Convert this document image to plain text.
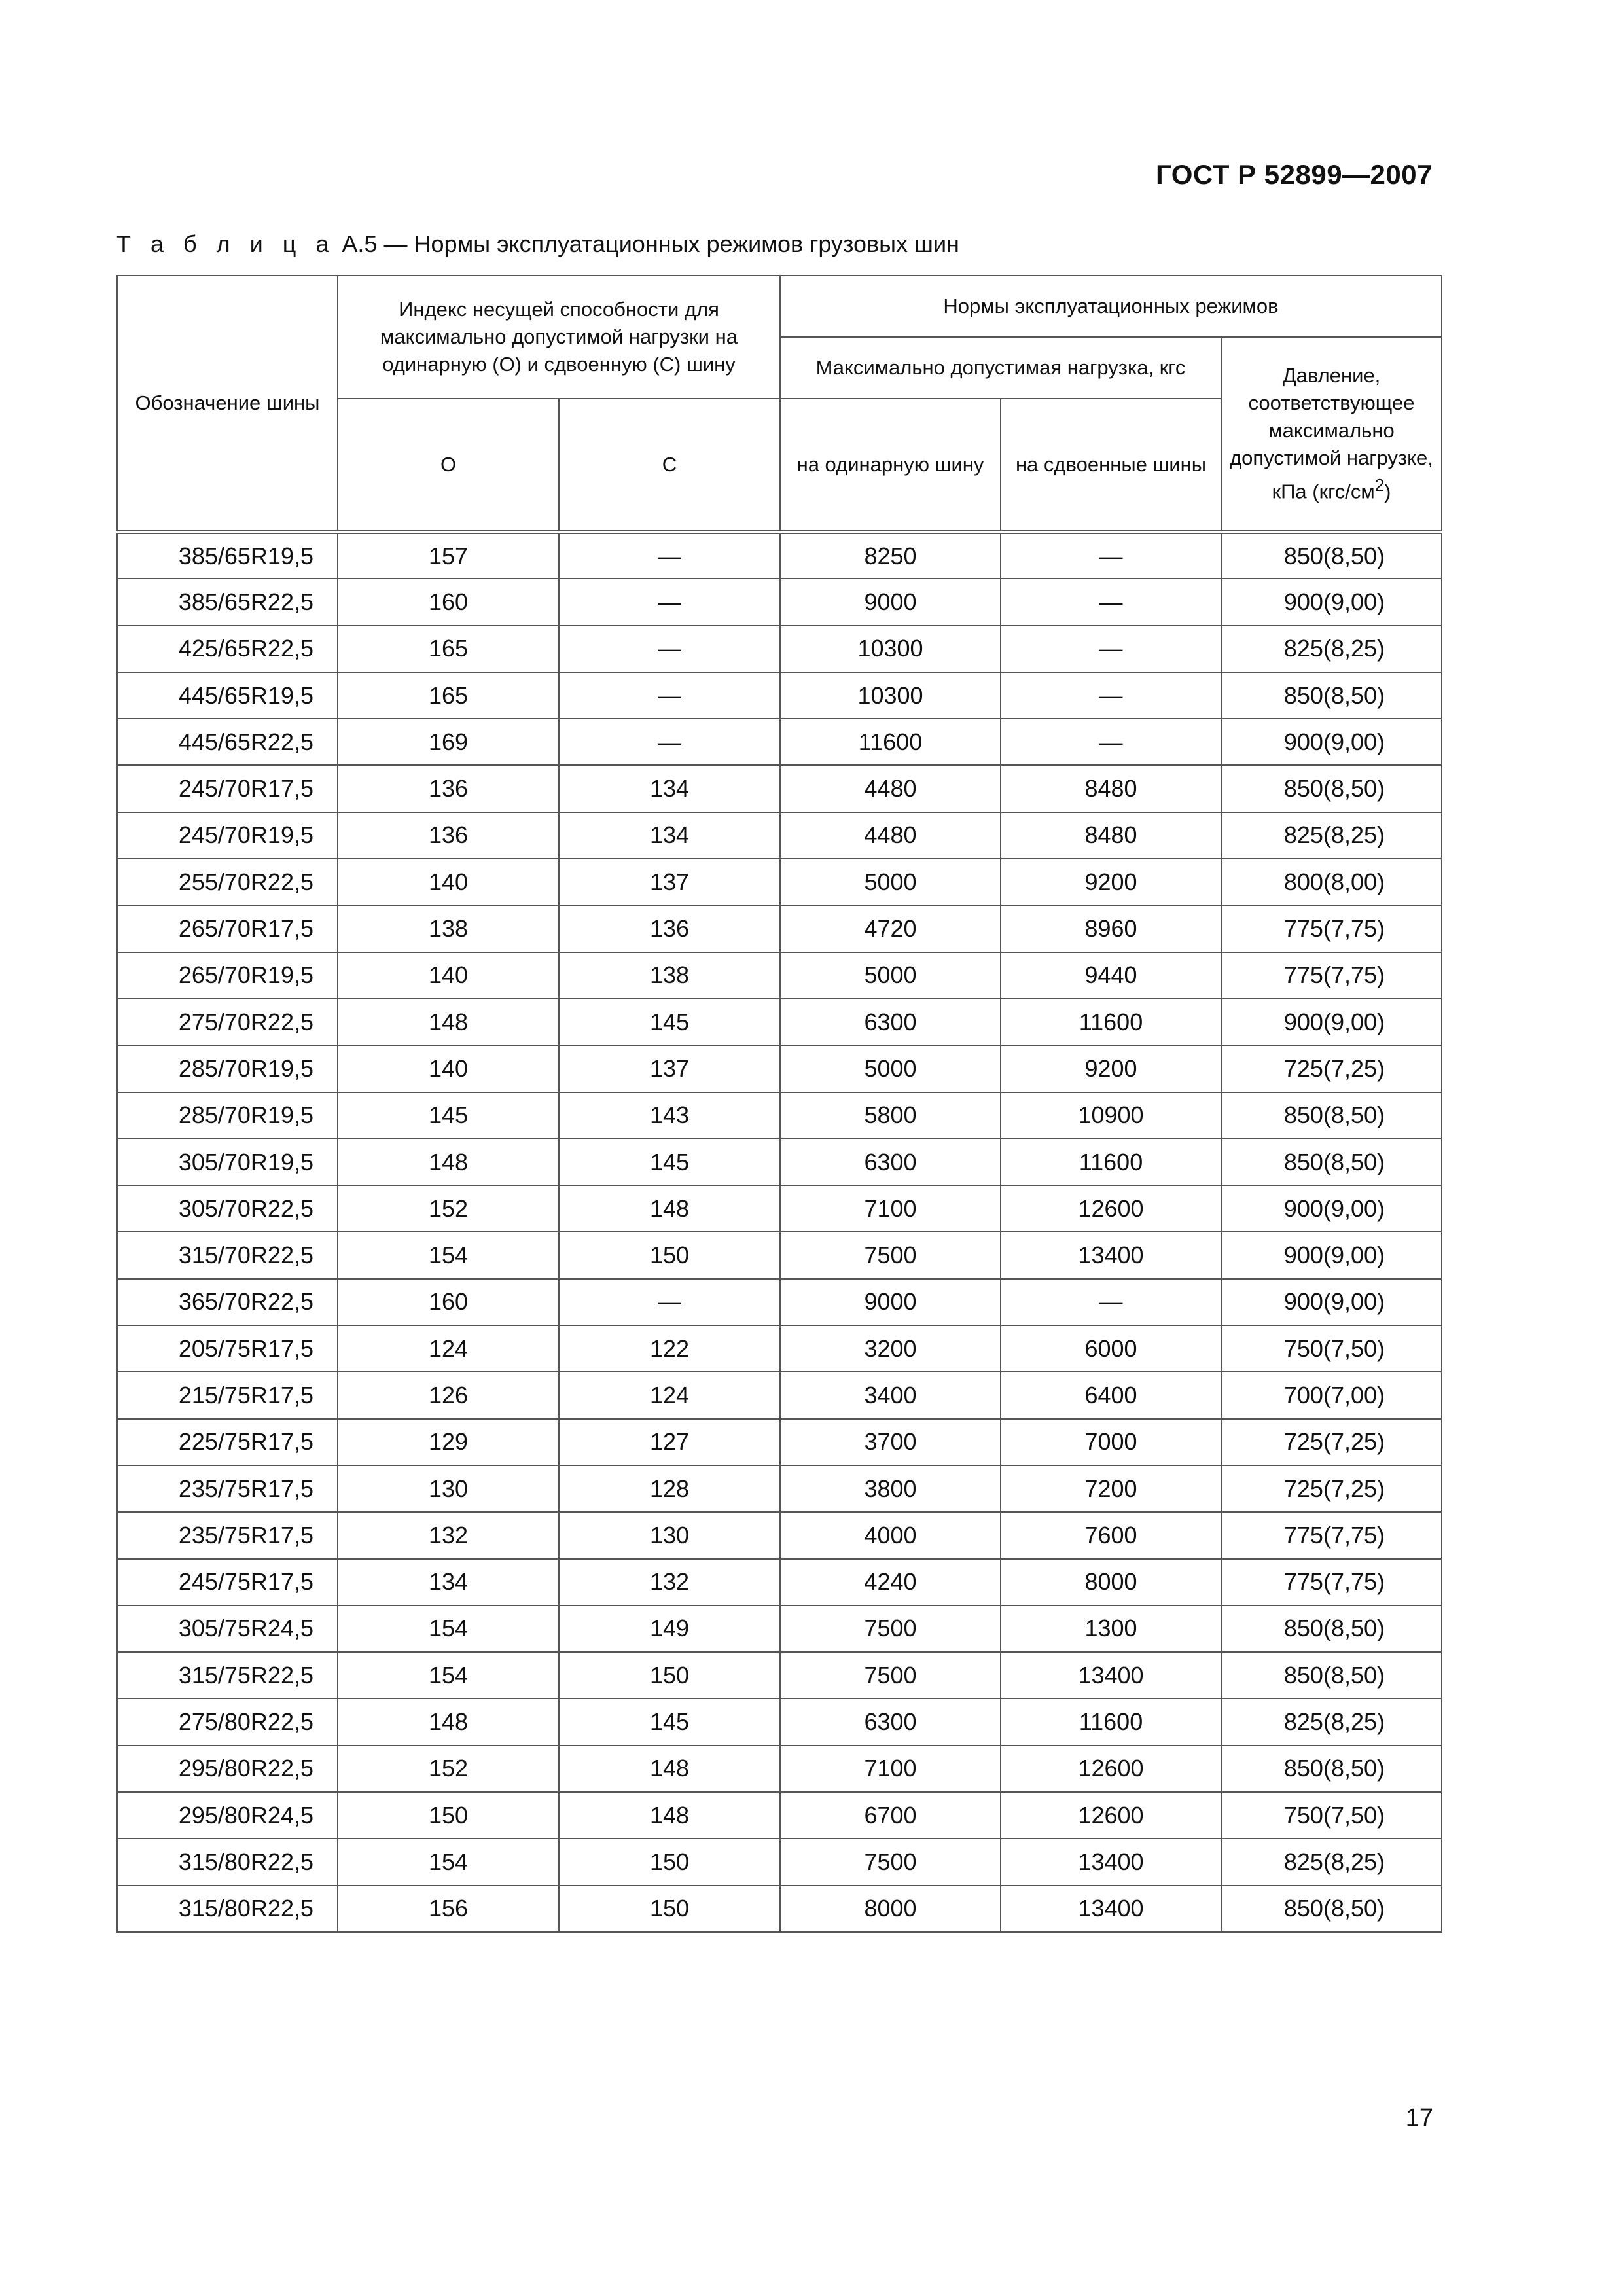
ГОСТ Р 52899—2007
Т а б л и ц а А.5 — Нормы эксплуатационных режимов грузовых шин
Обозначение шины	Индекс несущей способности для максимально допустимой нагрузки на одинарную (О) и сдвоенную (С) шину		Нормы эксплуатационных режимов		
			Максимально допустимая нагрузка, кгс		Давление, соответствующее максимально допустимой нагрузке, кПа $(кгс/см^2)$
	О	С	на одинарную шину	на сдвоенные шины	
385/65R19,5	157	—	8250	—	850(8,50)
385/65R22,5	160	—	9000	—	900(9,00)
425/65R22,5	165	—	10300	—	825(8,25)
445/65R19,5	165	—	10300	—	850(8,50)
445/65R22,5	169	—	11600	—	900(9,00)
245/70R17,5	136	134	4480	8480	850(8,50)
245/70R19,5	136	134	4480	8480	825(8,25)
255/70R22,5	140	137	5000	9200	800(8,00)
265/70R17,5	138	136	4720	8960	775(7,75)
265/70R19,5	140	138	5000	9440	775(7,75)
275/70R22,5	148	145	6300	11600	900(9,00)
285/70R19,5	140	137	5000	9200	725(7,25)
285/70R19,5	145	143	5800	10900	850(8,50)
305/70R19,5	148	145	6300	11600	850(8,50)
305/70R22,5	152	148	7100	12600	900(9,00)
315/70R22,5	154	150	7500	13400	900(9,00)
365/70R22,5	160	—	9000	—	900(9,00)
205/75R17,5	124	122	3200	6000	750(7,50)
215/75R17,5	126	124	3400	6400	700(7,00)
225/75R17,5	129	127	3700	7000	725(7,25)
235/75R17,5	130	128	3800	7200	725(7,25)
235/75R17,5	132	130	4000	7600	775(7,75)
245/75R17,5	134	132	4240	8000	775(7,75)
305/75R24,5	154	149	7500	1300	850(8,50)
315/75R22,5	154	150	7500	13400	850(8,50)
275/80R22,5	148	145	6300	11600	825(8,25)
295/80R22,5	152	148	7100	12600	850(8,50)
295/80R24,5	150	148	6700	12600	750(7,50)
315/80R22,5	154	150	7500	13400	825(8,25)
315/80R22,5	156	150	8000	13400	850(8,50)
17
